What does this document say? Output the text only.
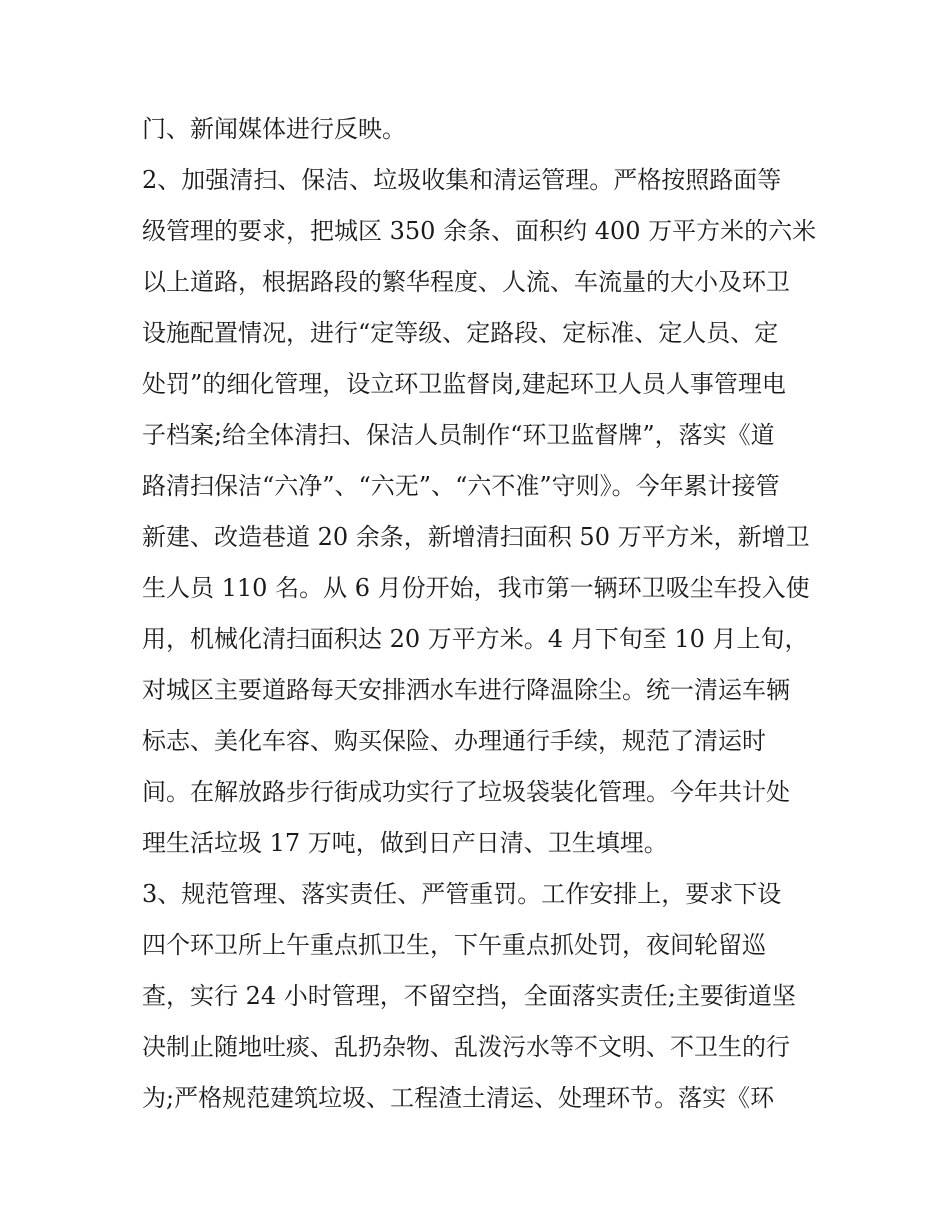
门、新闻媒体进行反映。
2、加强清扫、保洁、垃圾收集和清运管理。严格按照路面等
级管理的要求，把城区 350 余条、面积约 400 万平方米的六米
以上道路，根据路段的繁华程度、人流、车流量的大小及环卫
设施配置情况，进行“定等级、定路段、定标准、定人员、定
处罚”的细化管理，设立环卫监督岗,建起环卫人员人事管理电
子档案;给全体清扫、保洁人员制作“环卫监督牌”，落实《道
路清扫保洁“六净”、“六无”、“六不准”守则》。今年累计接管
新建、改造巷道 20 余条，新增清扫面积 50 万平方米，新增卫
生人员 110 名。从 6 月份开始，我市第一辆环卫吸尘车投入使
用，机械化清扫面积达 20 万平方米。4 月下旬至 10 月上旬，
对城区主要道路每天安排洒水车进行降温除尘。统一清运车辆
标志、美化车容、购买保险、办理通行手续，规范了清运时
间。在解放路步行街成功实行了垃圾袋装化管理。今年共计处
理生活垃圾 17 万吨，做到日产日清、卫生填埋。
3、规范管理、落实责任、严管重罚。工作安排上，要求下设
四个环卫所上午重点抓卫生，下午重点抓处罚，夜间轮留巡
查，实行 24 小时管理，不留空挡，全面落实责任;主要街道坚
决制止随地吐痰、乱扔杂物、乱泼污水等不文明、不卫生的行
为;严格规范建筑垃圾、工程渣土清运、处理环节。落实《环
